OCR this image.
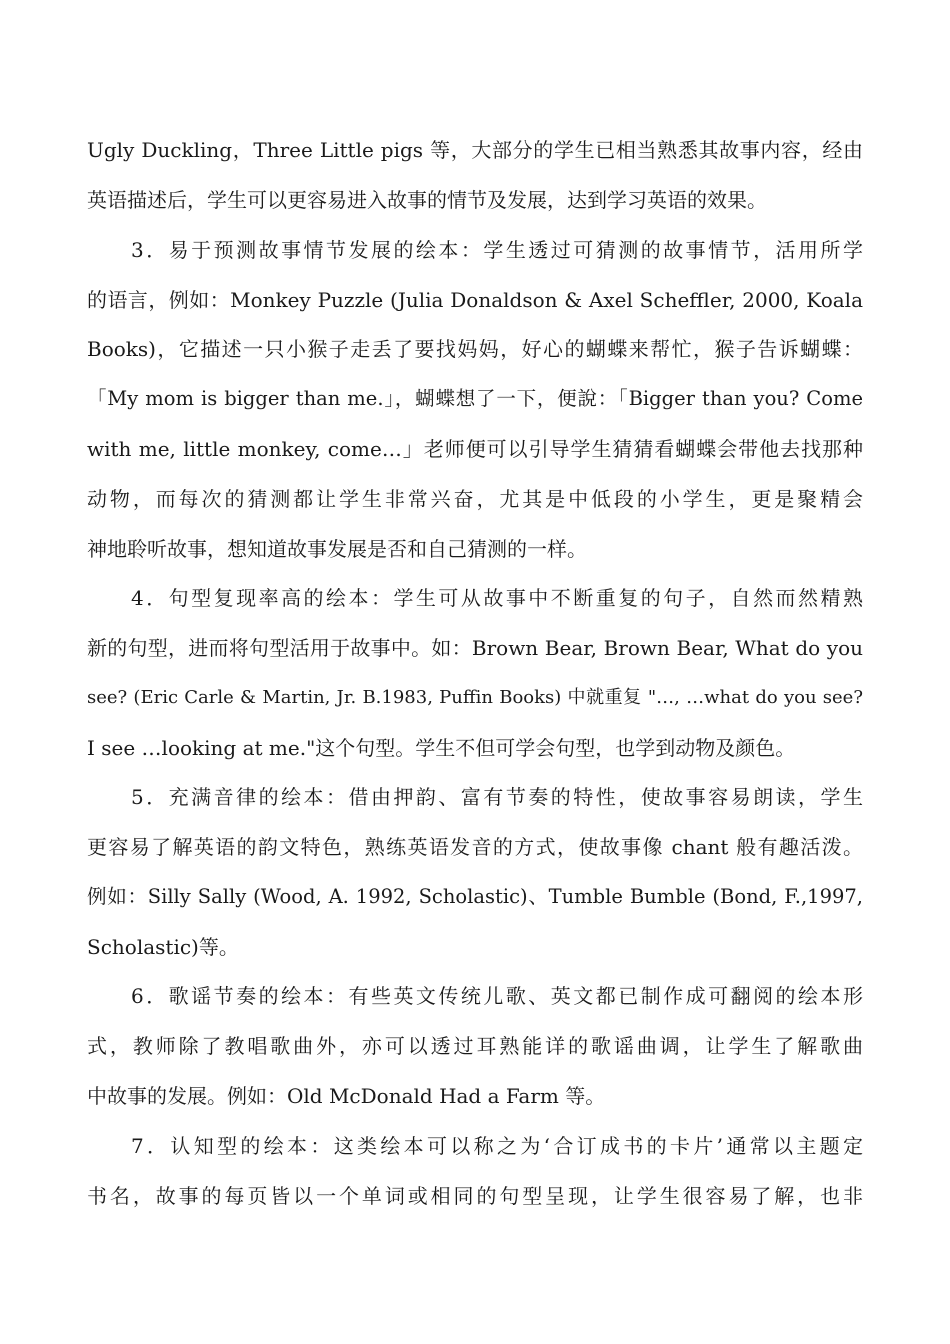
Ugly Duckling，Three Little pigs 等，大部分的学生已相当熟悉其故事内容，经由
英语描述后，学生可以更容易进入故事的情节及发展，达到学习英语的效果。
3．易于预测故事情节发展的绘本：学生透过可猜测的故事情节，活用所学
的语言，例如：Monkey Puzzle (Julia Donaldson & Axel Scheffler, 2000, Koala
Books)，它描述一只小猴子走丢了要找妈妈，好心的蝴蝶来帮忙，猴子告诉蝴蝶：
「My mom is bigger than me.」，蝴蝶想了一下，便說：「Bigger than you? Come
with me, little monkey, come…」老师便可以引导学生猜猜看蝴蝶会带他去找那种
动物，而每次的猜测都让学生非常兴奋，尤其是中低段的小学生，更是聚精会
神地聆听故事，想知道故事发展是否和自己猜测的一样。
4．句型复现率高的绘本：学生可从故事中不断重复的句子，自然而然精熟
新的句型，进而将句型活用于故事中。如：Brown Bear, Brown Bear, What do you
see? (Eric Carle & Martin, Jr. B.1983, Puffin Books) 中就重复 "…, …what do you see?
I see …looking at me."这个句型。学生不但可学会句型，也学到动物及颜色。
5．充满音律的绘本：借由押韵、富有节奏的特性，使故事容易朗读，学生
更容易了解英语的韵文特色，熟练英语发音的方式，使故事像 chant 般有趣活泼。
例如：Silly Sally (Wood, A. 1992, Scholastic)、Tumble Bumble (Bond, F.,1997,
Scholastic)等。
6．歌谣节奏的绘本：有些英文传统儿歌、英文都已制作成可翻阅的绘本形
式，教师除了教唱歌曲外，亦可以透过耳熟能详的歌谣曲调，让学生了解歌曲
中故事的发展。例如：Old McDonald Had a Farm 等。
7．认知型的绘本：这类绘本可以称之为‘合订成书的卡片’通常以主题定
书名，故事的每页皆以一个单词或相同的句型呈现，让学生很容易了解，也非
